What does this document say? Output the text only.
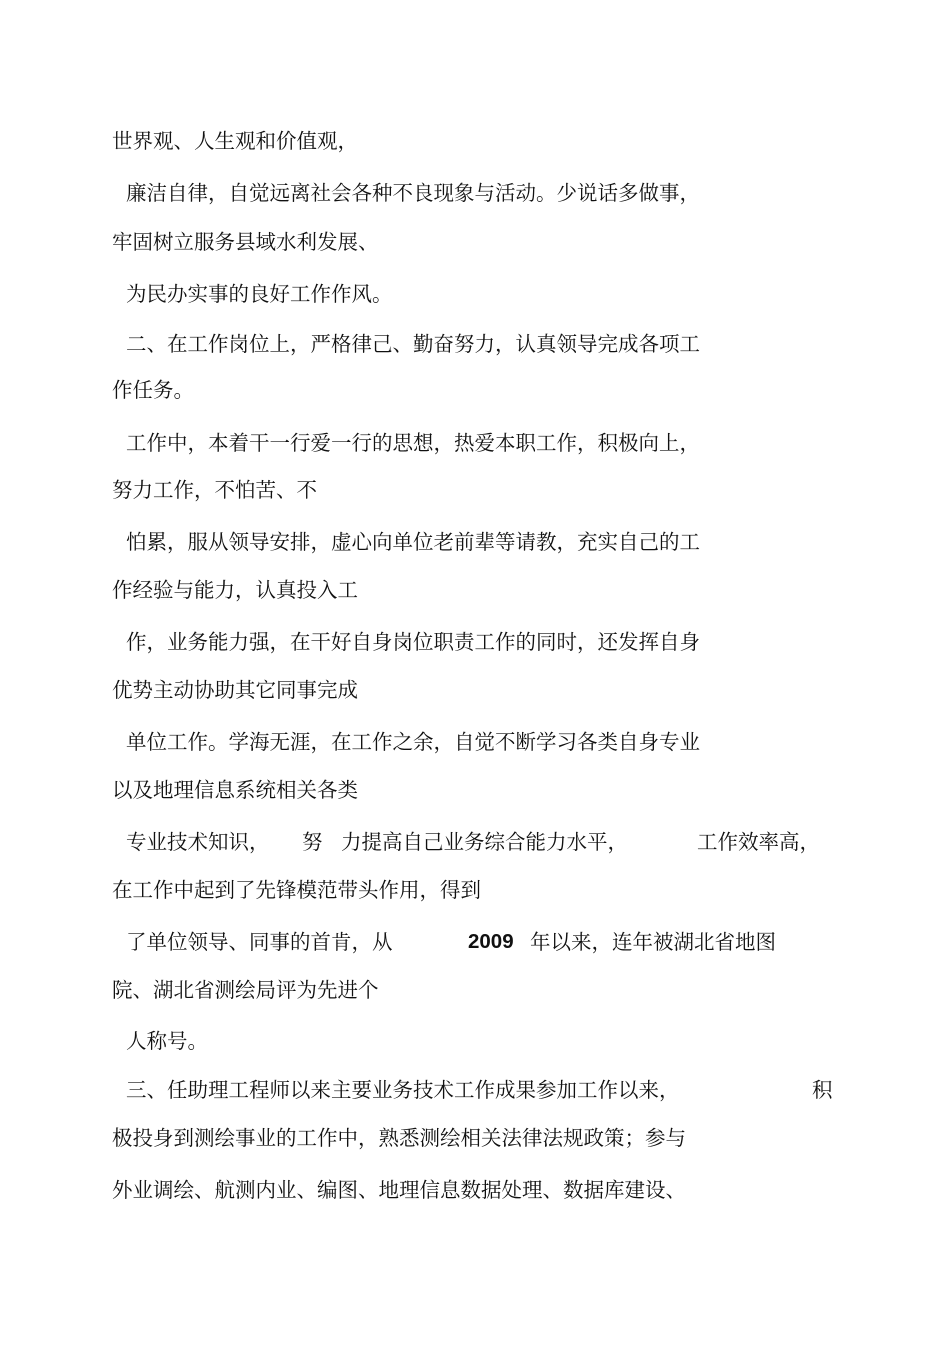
世界观、人生观和价值观，

廉洁自律，自觉远离社会各种不良现象与活动。少说话多做事，

牢固树立服务县域水利发展、

为民办实事的良好工作作风。

二、在工作岗位上，严格律己、勤奋努力，认真领导完成各项工

作任务。

工作中，本着干一行爱一行的思想，热爱本职工作，积极向上，

努力工作，不怕苦、不

怕累，服从领导安排，虚心向单位老前辈等请教，充实自己的工

作经验与能力，认真投入工

作，业务能力强，在干好自身岗位职责工作的同时，还发挥自身

优势主动协助其它同事完成

单位工作。学海无涯，在工作之余，自觉不断学习各类自身专业

以及地理信息系统相关各类

专业技术知识， 努 力提高自己业务综合能力水平，	工作效率高，

在工作中起到了先锋模范带头作用，得到

了单位领导、同事的首肯，从	2009 年以来，连年被湖北省地图

院、湖北省测绘局评为先进个

人称号。

三、任助理工程师以来主要业务技术工作成果参加工作以来，	积

极投身到测绘事业的工作中，熟悉测绘相关法律法规政策；参与

外业调绘、航测内业、编图、地理信息数据处理、数据库建设、
